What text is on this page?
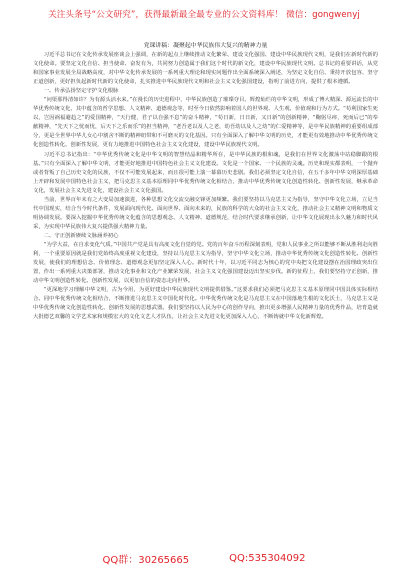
关注头条号“公文研究”，获得最新最全最专业的公文资料库！ 微信：gongwenyj
党课讲稿：凝聚起中华民族伟大复兴的精神力量

习近平总书记在文化传承发展座谈会上强调，在新的起点上继续推动文化繁荣、建设文化强国、建设中华民族现代文明，是我们在新时代新的文化使命。要坚定文化自信、担当使命、奋发有为，共同努力创造属于我们这个时代的新文化，建设中华民族现代文明。总书记的重要讲话，从党和国家事业发展全局战略高度，对中华文化传承发展的一系列重大理论和现实问题作出全面系统深入阐述，为坚定文化自信、秉持开放包容、坚守正道创新，更好担负起新时代新的文化使命，扎实推进中华民族现代文明和社会主义文化强国建设，指明了前进方向，提供了根本遵循。

一、传承弘扬坚定守护文化根脉

“问渠那得清如许？为有源头活水来。”在漫长的历史进程中，中华民族创造了璀璨夺目、辉煌灿烂的中华文明，形成了博大精深、源远流长的中华优秀传统文化，其中蕴含的哲学思想、人文精神、道德观念等，时至今日依然影响着国人的世界观、人生观、价值观和行为方式。“苟利国家生死以，岂因祸福避趋之”的爱国精神，“天行健，君子以自强不息”的奋斗精神，“苟日新，日日新，又日新”的创新精神，“鞠躬尽瘁，死而后已”的奉献精神，“先天下之忧而忧，后天下之乐而乐”的担当精神，“老吾老以及人之老，幼吾幼以及人之幼”的仁爱精神等，是中华民族精神的重要组成部分，更是全世界中华儿女心中割舍不断的精神纽带和不可磨灭的文化基因。只有全面深入了解中华文明的历史，才能更有效地推动中华优秀传统文化创造性转化、创新性发展，更有力地推进中国特色社会主义文化建设，建设中华民族现代文明。

习近平总书记指出：“中华优秀传统文化是中华文明的智慧结晶和精华所在，是中华民族的根和魂，是我们在世界文化激荡中站稳脚跟的根基。”只有全面深入了解中华文明，才能更好地推进中国特色社会主义文化建设。文化是一个国家、一个民族的灵魂。历史和现实都表明，一个抛弃或者背叛了自己历史文化的民族，不仅不可能发展起来，而且很可能上演一幕幕历史悲剧。我们必须坚定文化自信，在五千多年中华文明深厚基础上开辟和发展中国特色社会主义，把马克思主义基本原理同中华优秀传统文化相结合，推动中华优秀传统文化创造性转化、创新性发展，继承革命文化，发展社会主义先进文化，建设社会主义文化强国。

当前，世界百年未有之大变局加速演进，各种思想文化交流交融交锋更加频繁。我们要坚持以马克思主义为指导，坚守中华文化立场，立足当代中国现实，结合当今时代条件，发展面向现代化、面向世界、面向未来的，民族的科学的大众的社会主义文化，推动社会主义精神文明和物质文明协调发展。要深入挖掘中华优秀传统文化蕴含的思想观念、人文精神、道德规范，结合时代要求继承创新，让中华文化展现出永久魅力和时代风采，为实现中华民族伟大复兴提供强大精神力量。

二、守正创新赓续文脉涵养初心

“为学大益，在自求变化气质。”中国共产党是具有高度文化自觉的党。党的百年奋斗历程深刻表明，党和人民事业之所以能够不断从胜利走向胜利，一个重要原因就是我们党始终高度重视文化建设，坚持以马克思主义为指导，坚守中华文化立场，推动中华优秀传统文化创造性转化、创新性发展，使我们的理想信念、价值理念、道德观念更加坚定深入人心。新时代十年，以习近平同志为核心的党中央把文化建设摆在治国理政突出位置，作出一系列重大决策部署，推动文化事业和文化产业繁荣发展，社会主义文化强国建设迈出坚实步伐。新的征程上，我们要坚持守正创新，推动中华文明创造性转化、创新性发展，以更加自信的姿态走向世界。

“更深地学习理解中华文明，古为今用，为更好建设中华民族现代文明提供借鉴。”这要求我们必须把马克思主义基本原理同中国具体实际相结合、同中华优秀传统文化相结合，不断推进马克思主义中国化时代化。中华优秀传统文化是马克思主义在中国落地生根的文化沃土，马克思主义是中华优秀传统文化创造性转化、创新性发展的思想武器。我们要坚持以人民为中心的创作导向，推出更多增强人民精神力量的优秀作品，培育造就大批德艺双馨的文学艺术家和规模宏大的文化文艺人才队伍，让社会主义先进文化更加深入人心，不断铸就中华文化新辉煌。

QQ群：30265665	QQ:535304092
